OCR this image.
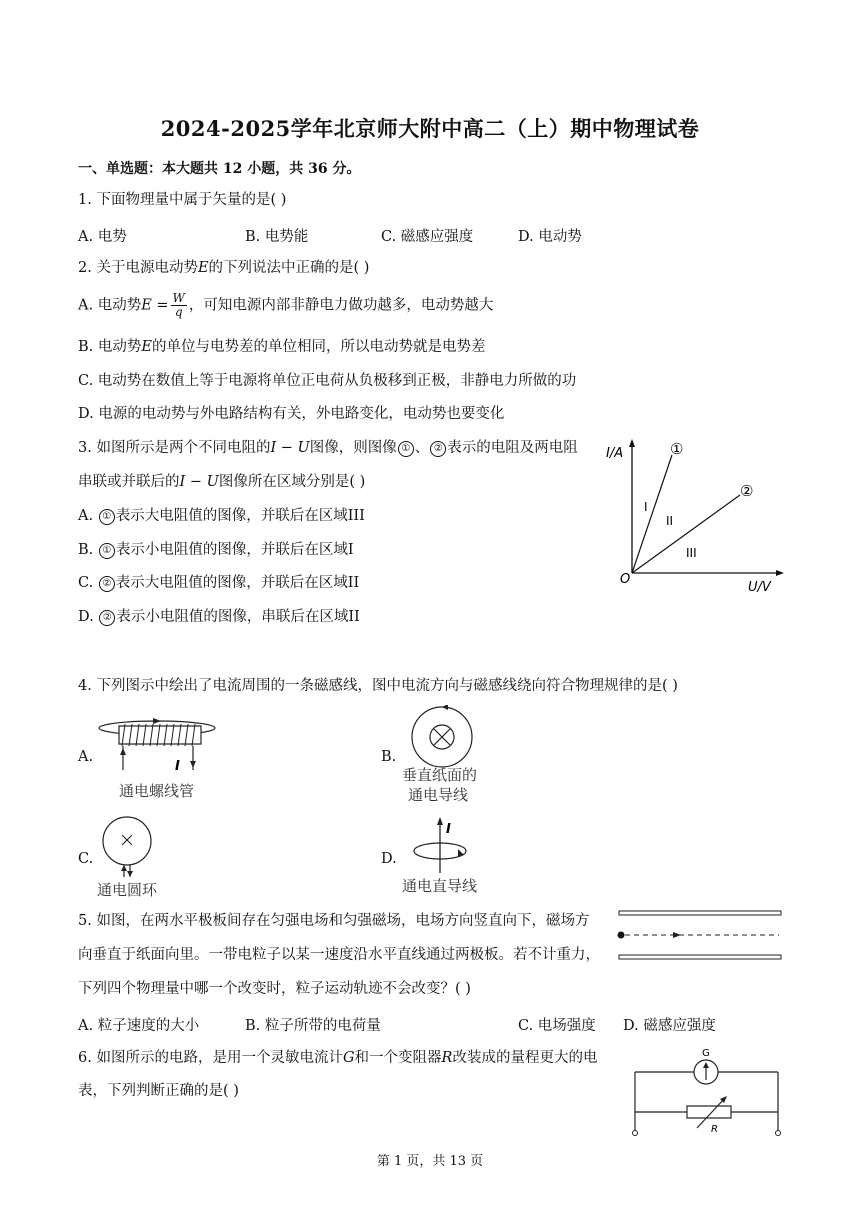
2024-2025学年北京师大附中高二（上）期中物理试卷
一、单选题：本大题共 12 小题，共 36 分。
1. 下面物理量中属于矢量的是( )
A. 电势	B. 电势能	C. 磁感应强度	D. 电动势
2. 关于电源电动势E的下列说法中正确的是( )
A. 电动势$E = \frac{W}{q}$ ，可知电源内部非静电力做功越多，电动势越大
B. 电动势E的单位与电势差的单位相同，所以电动势就是电势差
C. 电动势在数值上等于电源将单位正电荷从负极移到正极，非静电力所做的功
D. 电源的电动势与外电路结构有关，外电路变化，电动势也要变化
3. 如图所示是两个不同电阻的I − U图像，则图像 ① 、 ② 表示的电阻及两电阻
串联或并联后的I − U图像所在区域分别是( )
A. ① 表示大电阻值的图像，并联后在区域III
B. ① 表示小电阻值的图像，并联后在区域I
C. ② 表示大电阻值的图像，并联后在区域II
D. ② 表示小电阻值的图像，串联后在区域II
I/A
U/V
O
①
②
I
II
III
4. 下列图示中绘出了电流周围的一条磁感线，图中电流方向与磁感线绕向符合物理规律的是( )
A.
I
通电螺线管
B.
垂直纸面的
通电导线
C.
通电圆环
D.
I
通电直导线
5. 如图，在两水平极板间存在匀强电场和匀强磁场，电场方向竖直向下，磁场方
向垂直于纸面向里。一带电粒子以某一速度沿水平直线通过两极板。若不计重力，
下列四个物理量中哪一个改变时，粒子运动轨迹不会改变？( )
A. 粒子速度的大小	B. 粒子所带的电荷量	C. 电场强度 D. 磁感应强度
6. 如图所示的电路，是用一个灵敏电流计G和一个变阻器R改装成的量程更大的电
表，下列判断正确的是( )
G
R
第 1 页，共 13 页
